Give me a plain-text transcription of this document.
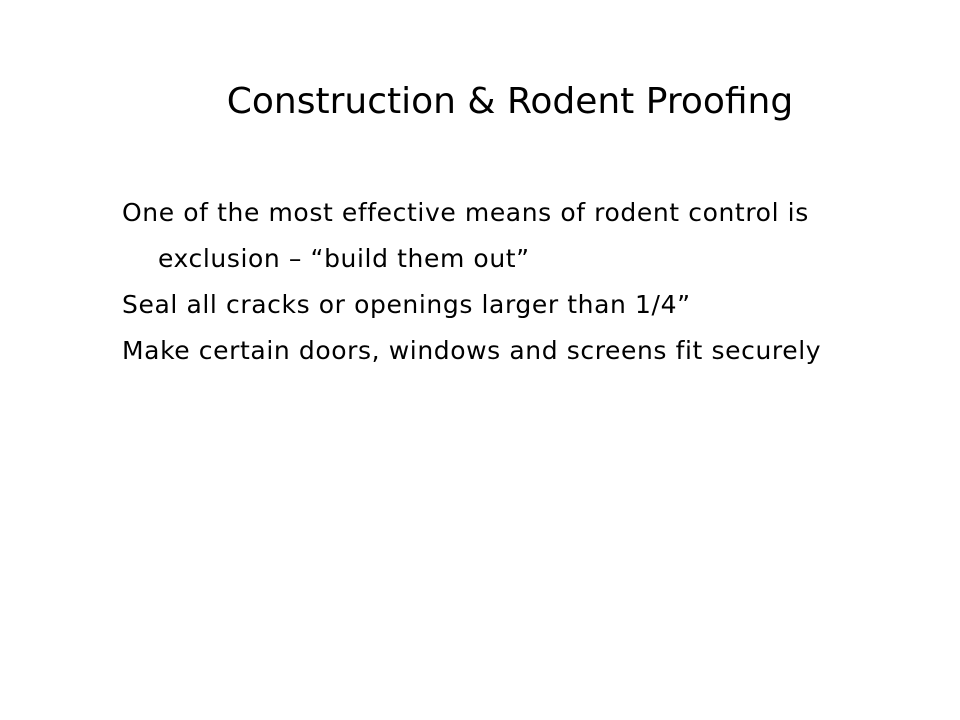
Construction & Rodent Proofing
One of the most effective means of rodent control is exclusion – “build them out”
Seal all cracks or openings larger than 1/4”
Make certain doors, windows and screens fit securely
